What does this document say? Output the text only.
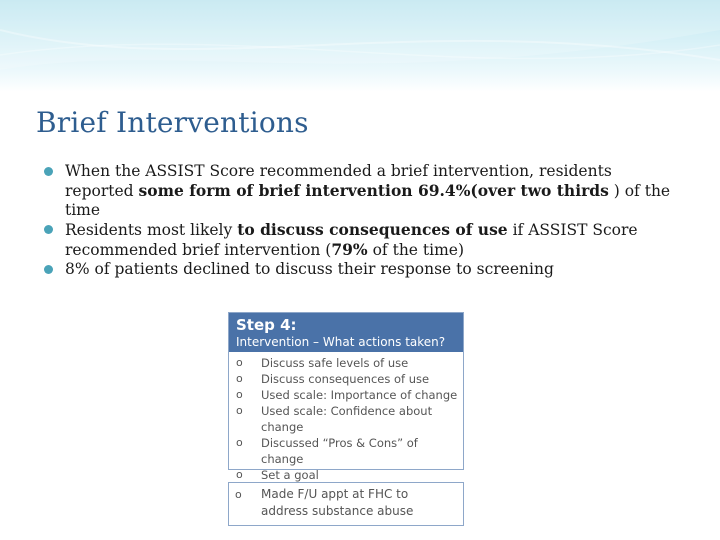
Brief Interventions
When the ASSIST Score recommended a brief intervention, residents reported some form of brief intervention 69.4%(over two thirds ) of the time
Residents most likely to discuss consequences of use if ASSIST Score recommended brief intervention (79% of the time)
8% of patients declined to discuss their response to screening
Step 4:
Intervention – What actions taken?
o Discuss safe levels of use
o Discuss consequences of use
o Used scale: Importance of change
o Used scale: Confidence about change
o Discussed “Pros & Cons” of change
o Set a goal
o Made F/U appt at FHC to address substance abuse
